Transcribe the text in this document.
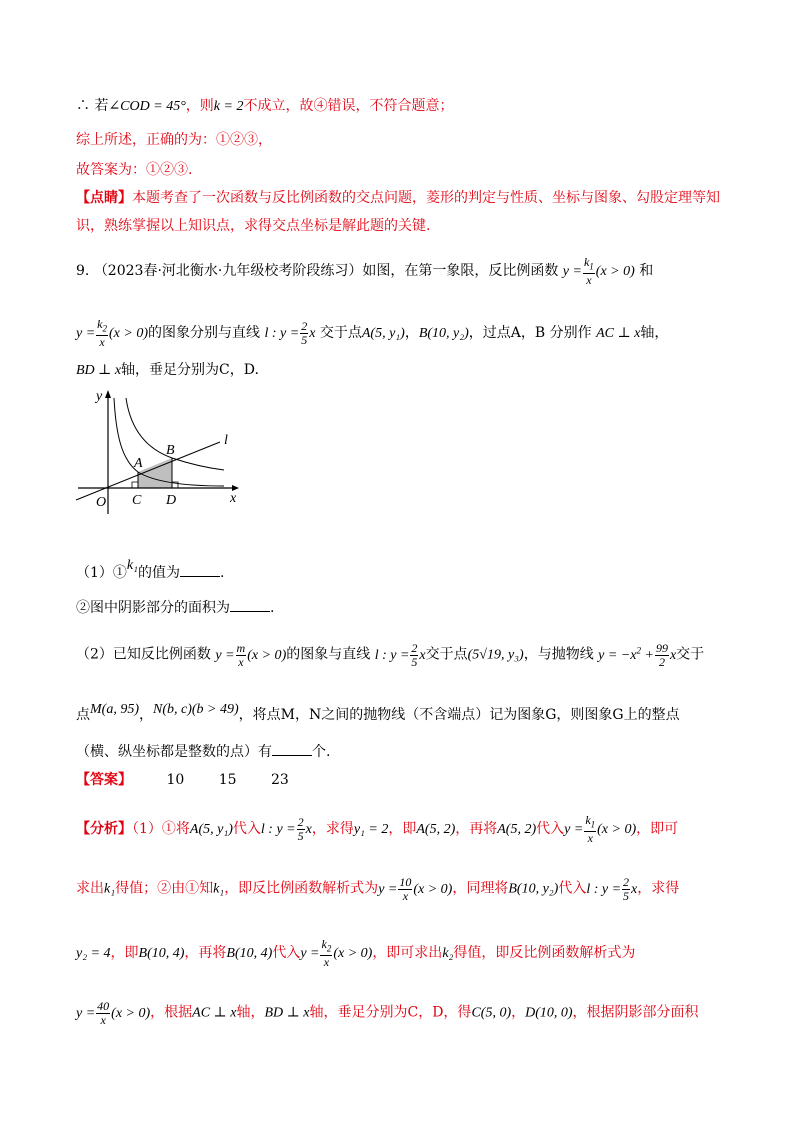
∴ 若∠COD = 45°，则k = 2不成立，故④错误，不符合题意；
综上所述，正确的为：①②③，
故答案为：①②③.
【点睛】本题考查了一次函数与反比例函数的交点问题，菱形的判定与性质、坐标与图象、勾股定理等知
识，熟练掌握以上知识点，求得交点坐标是解此题的关键.
9. （2023春·河北衡水·九年级校考阶段练习）如图，在第一象限，反比例函数 $y = \frac{k_1}{x} (x > 0)$ 和
$y = \frac{k_2}{x} (x > 0)$的图象分别与直线 l : $y = \frac{2}{5}$ x 交于点A(5, y₁)，B(10, y₂)，过点A，B 分别作 AC ⊥ x轴，
BD ⊥ x轴，垂足分别为C，D.
y
x
l
O
A
B
C D
（1）①k₁的值为	.
②图中阴影部分的面积为	.
（2）已知反比例函数 $y = \frac{m}{x} (x > 0)$的图象与直线 l : $y = \frac{2}{5}$ x交于点(5√19, y₃)，与抛物线 $y = -x^2 + \frac{99}{2}$ x交于
点M(a, 95)，N(b, c)(b > 49)，将点M，N之间的抛物线（不含端点）记为图象G，则图象G上的整点
（横、纵坐标都是整数的点）有	个.
【答案】 10 15 23
【分析】（1）①将A(5, y₁)代入l : $y = \frac{2}{5}$ x，求得y₁ = 2，即A(5, 2)，再将A(5, 2)代入$y = \frac{k_1}{x} (x > 0)$，即可
求出k₁得值；②由①知k₁，即反比例函数解析式为$y = \frac{10}{x} (x > 0)$，同理将B(10, y₂)代入l : $y = \frac{2}{5}$ x，求得
y₂ = 4，即B(10, 4)，再将B(10, 4)代入$y = \frac{k_2}{x} (x > 0)$，即可求出k₂得值，即反比例函数解析式为
$y = \frac{40}{x} (x > 0)$，根据AC ⊥ x轴，BD ⊥ x轴，垂足分别为C，D，得C(5, 0)，D(10, 0)，根据阴影部分面积
